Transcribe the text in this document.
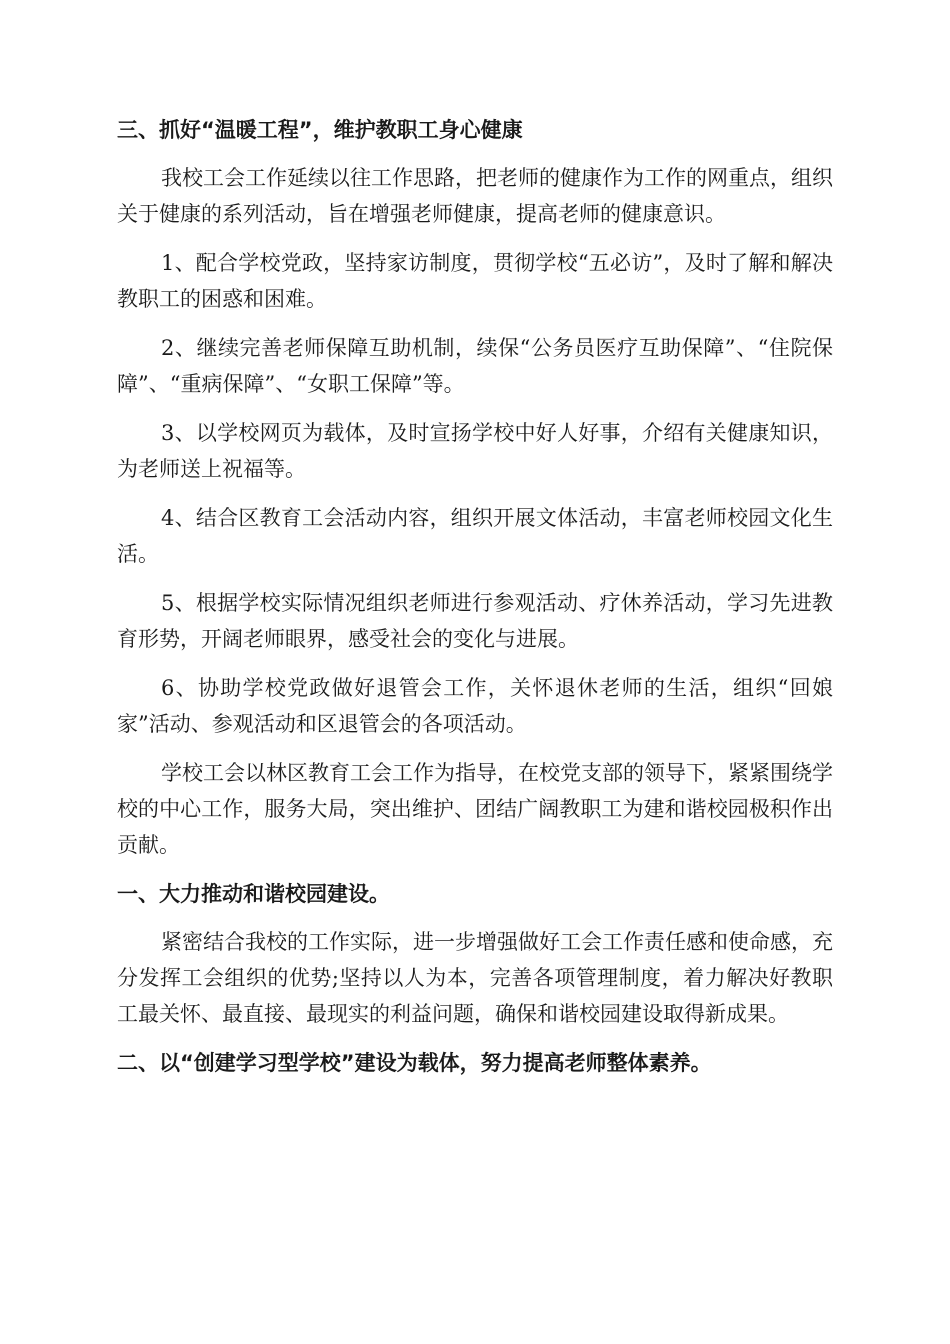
三、抓好“温暖工程”，维护教职工身心健康

我校工会工作延续以往工作思路，把老师的健康作为工作的网重点，组织关于健康的系列活动，旨在增强老师健康，提高老师的健康意识。

1、配合学校党政，坚持家访制度，贯彻学校“五必访”，及时了解和解决教职工的困惑和困难。

2、继续完善老师保障互助机制，续保“公务员医疗互助保障”、“住院保障”、“重病保障”、“女职工保障”等。

3、以学校网页为载体，及时宣扬学校中好人好事，介绍有关健康知识，为老师送上祝福等。

4、结合区教育工会活动内容，组织开展文体活动，丰富老师校园文化生活。

5、根据学校实际情况组织老师进行参观活动、疗休养活动，学习先进教育形势，开阔老师眼界，感受社会的变化与进展。

6、协助学校党政做好退管会工作，关怀退休老师的生活，组织“回娘家”活动、参观活动和区退管会的各项活动。

学校工会以林区教育工会工作为指导，在校党支部的领导下，紧紧围绕学校的中心工作，服务大局，突出维护、团结广阔教职工为建和谐校园极积作出贡献。

一、大力推动和谐校园建设。

紧密结合我校的工作实际，进一步增强做好工会工作责任感和使命感，充分发挥工会组织的优势;坚持以人为本，完善各项管理制度，着力解决好教职工最关怀、最直接、最现实的利益问题，确保和谐校园建设取得新成果。

二、以“创建学习型学校”建设为载体，努力提高老师整体素养。
